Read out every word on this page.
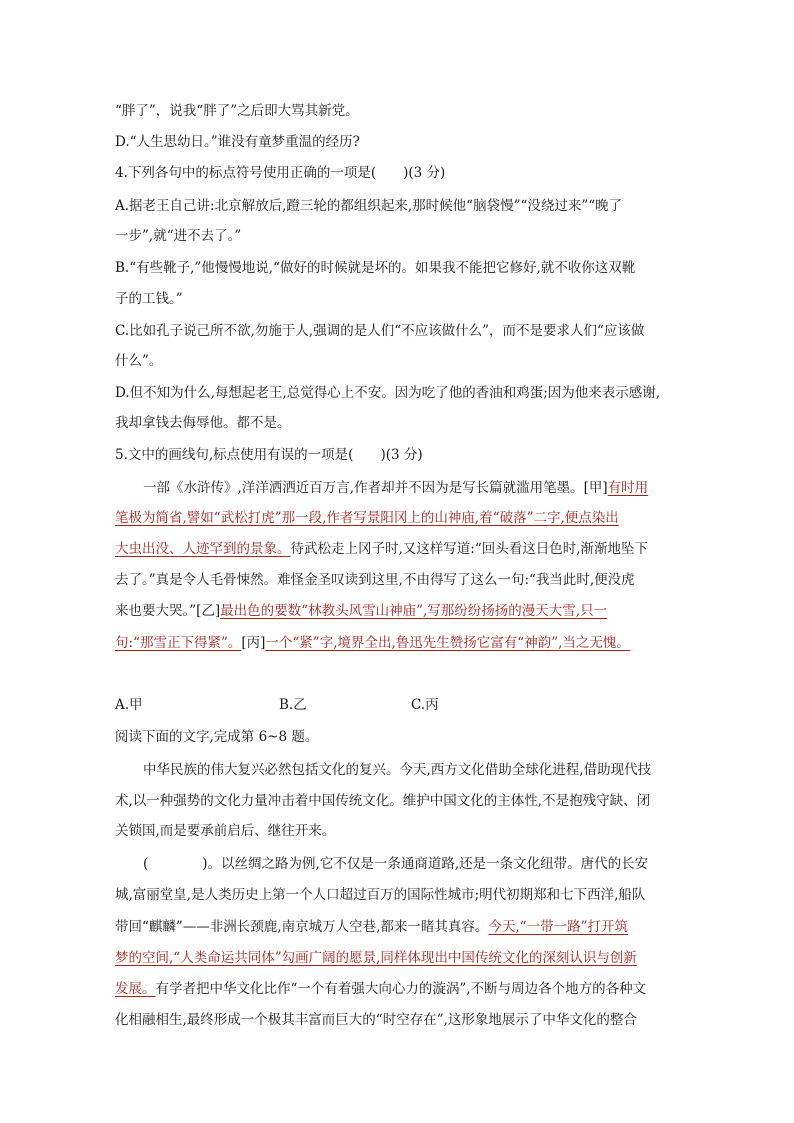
“胖了”，说我“胖了”之后即大骂其新党。
D.“人生思幼日。”谁没有童梦重温的经历?
4.下列各句中的标点符号使用正确的一项是(　　)(3 分)
A.据老王自己讲:北京解放后,蹬三轮的都组织起来,那时候他“脑袋慢”“没绕过来”“晚了
一步”,就“进不去了。”
B.“有些靴子,”他慢慢地说,“做好的时候就是坏的。如果我不能把它修好,就不收你这双靴
子的工钱。”
C.比如孔子说己所不欲,勿施于人,强调的是人们“不应该做什么”，而不是要求人们“应该做
什么”。
D.但不知为什么,每想起老王,总觉得心上不安。因为吃了他的香油和鸡蛋;因为他来表示感谢,
我却拿钱去侮辱他。都不是。
5.文中的画线句,标点使用有误的一项是(　　)(3 分)
一部《水浒传》,洋洋洒洒近百万言,作者却并不因为是写长篇就滥用笔墨。[甲]有时用
笔极为简省,譬如“武松打虎”那一段,作者写景阳冈上的山神庙,着“破落”二字,便点染出
大虫出没、人迹罕到的景象。待武松走上冈子时,又这样写道:“回头看这日色时,渐渐地坠下
去了。”真是令人毛骨悚然。难怪金圣叹读到这里,不由得写了这么一句:“我当此时,便没虎
来也要大哭。”[乙]最出色的要数“林教头风雪山神庙”,写那纷纷扬扬的漫天大雪,只一
句:“那雪正下得紧”。[丙]一个“紧”字,境界全出,鲁迅先生赞扬它富有“神韵”,当之无愧。
阅读下面的文字,完成第 6~8 题。
中华民族的伟大复兴必然包括文化的复兴。今天,西方文化借助全球化进程,借助现代技
术,以一种强势的文化力量冲击着中国传统文化。维护中国文化的主体性,不是抱残守缺、闭
关锁国,而是要承前启后、继往开来。
(　　　　)。以丝绸之路为例,它不仅是一条通商道路,还是一条文化纽带。唐代的长安
城,富丽堂皇,是人类历史上第一个人口超过百万的国际性城市;明代初期郑和七下西洋,船队
带回“麒麟”——非洲长颈鹿,南京城万人空巷,都来一睹其真容。今天,“一带一路”打开筑
梦的空间,“人类命运共同体”勾画广阔的愿景,同样体现出中国传统文化的深刻认识与创新
发展。有学者把中华文化比作“一个有着强大向心力的漩涡”,不断与周边各个地方的各种文
化相融相生,最终形成一个极其丰富而巨大的“时空存在”,这形象地展示了中华文化的整合
A.甲	B.乙	C.丙
